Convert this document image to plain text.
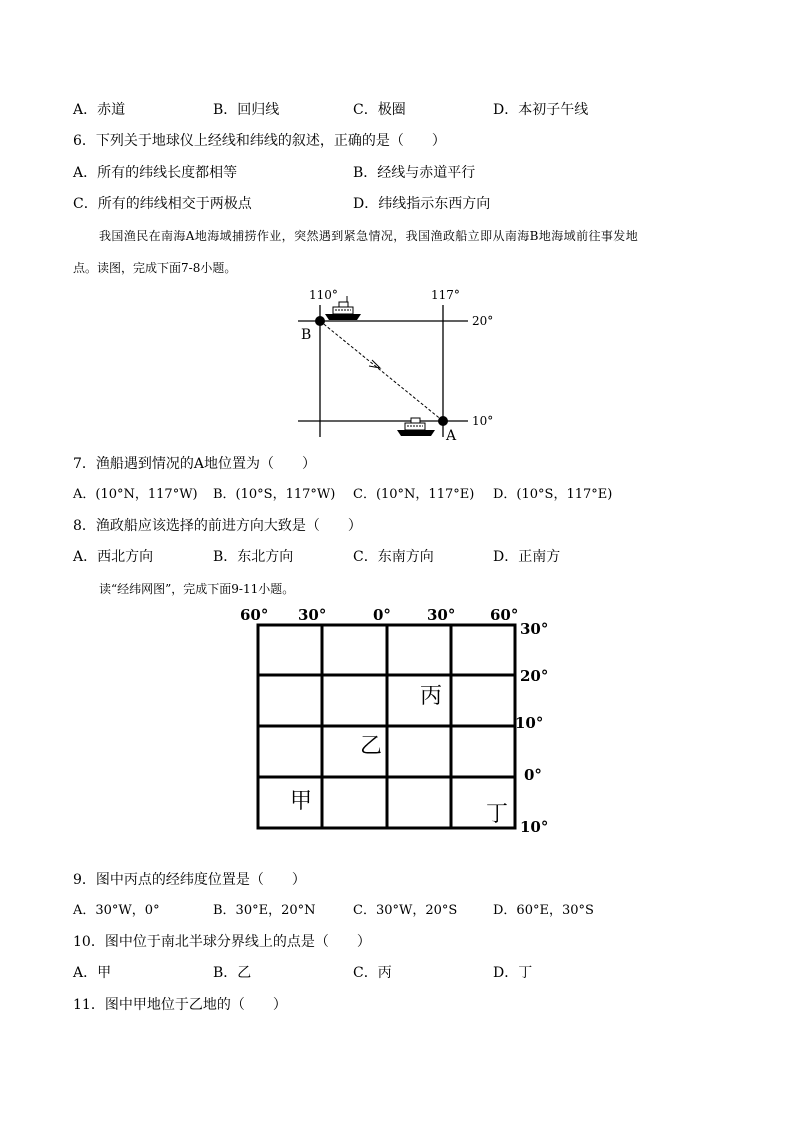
A．赤道	B．回归线	C．极圈	D．本初子午线
6．下列关于地球仪上经线和纬线的叙述，正确的是（　　）
A．所有的纬线长度都相等	B．经线与赤道平行
C．所有的纬线相交于两极点	D．纬线指示东西方向
我国渔民在南海A地海域捕捞作业，突然遇到紧急情况，我国渔政船立即从南海B地海域前往事发地
点。读图，完成下面7-8小题。
110°	117°
20°
10°
B
A
7．渔船遇到情况的A地位置为（　　）
A．(10°N，117°W) B．(10°S，117°W) C．(10°N，117°E) D．(10°S，117°E)
8．渔政船应该选择的前进方向大致是（　　）
A．西北方向	B．东北方向	C．东南方向	D．正南方
读“经纬网图”，完成下面9-11小题。
60° 30°	0° 30° 60°
30°
20°
10°
0°
10°
丙
乙
甲
丁
9．图中丙点的经纬度位置是（　　）
A．30°W，0°	B．30°E，20°N	C．30°W，20°S	D．60°E，30°S
10．图中位于南北半球分界线上的点是（　　）
A．甲	B．乙	C．丙	D．丁
11．图中甲地位于乙地的（　　）
